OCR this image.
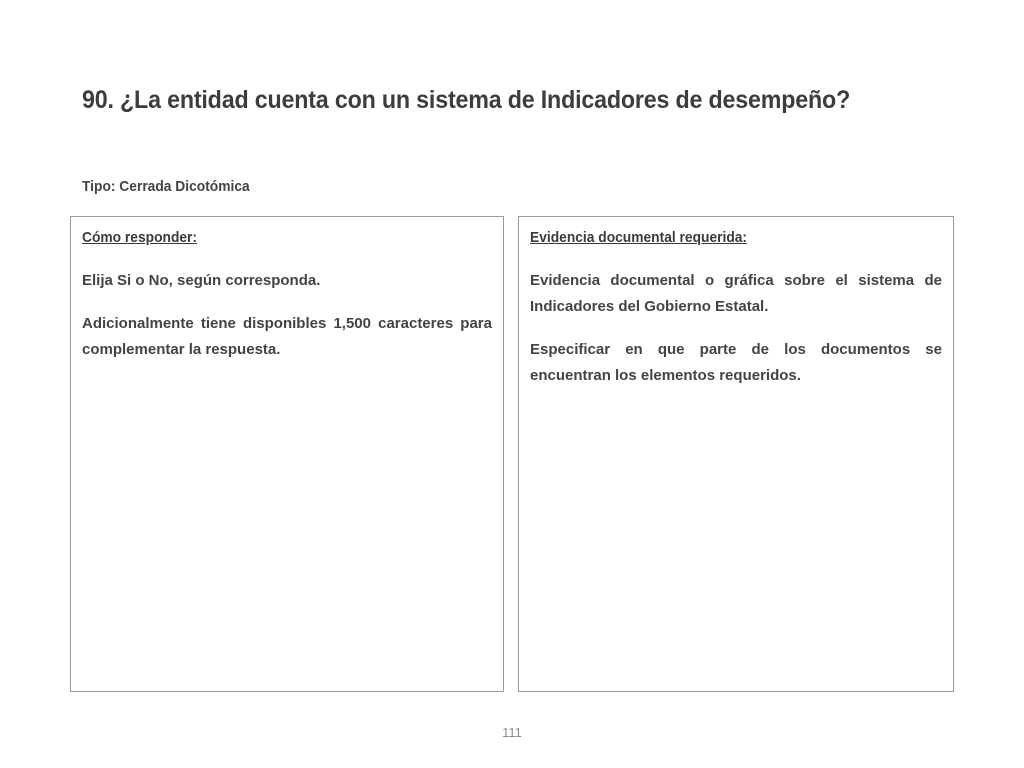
90. ¿La entidad cuenta con un sistema de Indicadores de desempeño?
Tipo: Cerrada Dicotómica
Cómo responder:

Elija Si o No, según corresponda.

Adicionalmente tiene disponibles 1,500 caracteres para complementar la respuesta.

Evidencia documental requerida:

Evidencia documental o gráfica sobre el sistema de Indicadores del Gobierno Estatal.

Especificar en que parte de los documentos se encuentran los elementos requeridos.

111
